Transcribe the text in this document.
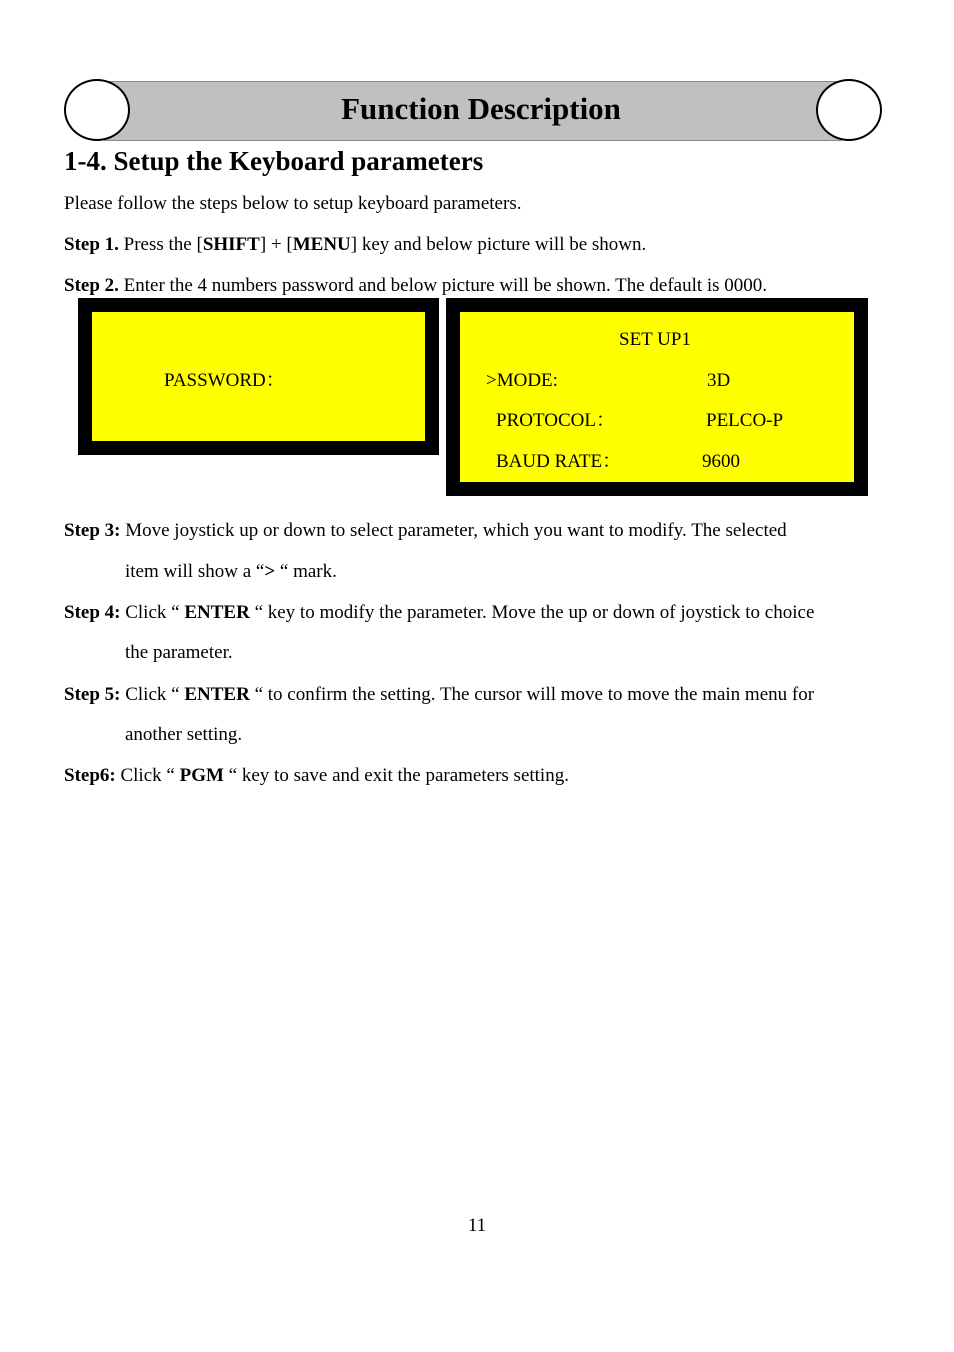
Function Description
1-4. Setup the Keyboard parameters
Please follow the steps below to setup keyboard parameters.
Step 1. Press the [SHIFT] + [MENU] key and below picture will be shown.
Step 2. Enter the 4 numbers password and below picture will be shown. The default is 0000.
PASSWORD：
SET UP1
>MODE:	3D
PROTOCOL：	PELCO-P
BAUD RATE：	9600
Step 3: Move joystick up or down to select parameter, which you want to modify. The selected
item will show a “> “ mark.
Step 4: Click “ ENTER “ key to modify the parameter. Move the up or down of joystick to choice
the parameter.
Step 5: Click “ ENTER “ to confirm the setting. The cursor will move to move the main menu for
another setting.
Step6: Click “ PGM “ key to save and exit the parameters setting.
11
